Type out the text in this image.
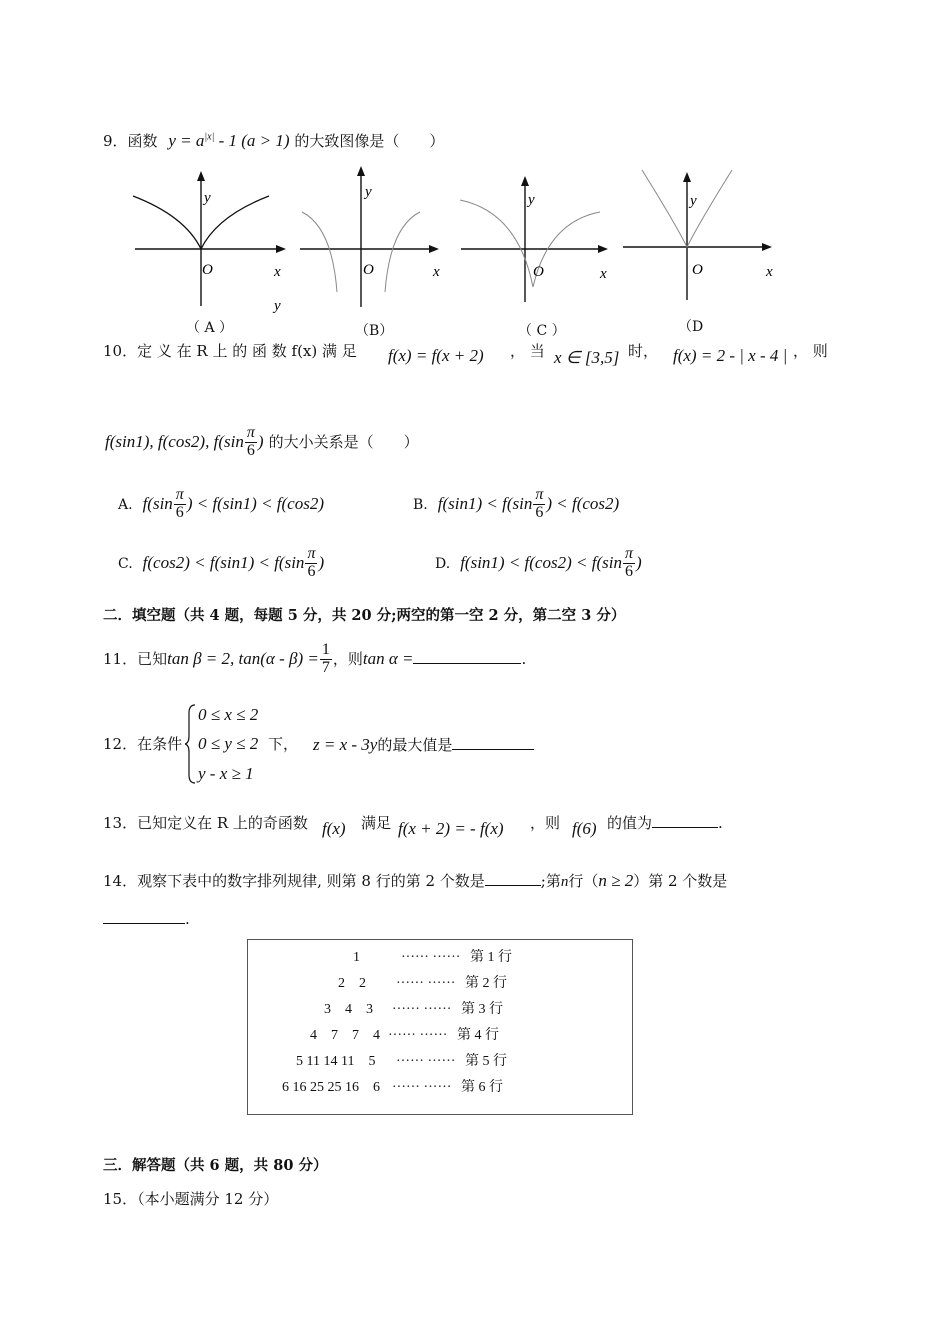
9．函数 $y = a^{|x|} - 1$ (a > 1) 的大致图像是（　　）
y
O	x
y
（ A ）
y
O	x
（B）
y
O	x
（ C ）
y
O	x
（D
10．定 义 在 R 上 的 函 数 f(x) 满 足 f(x) = f(x + 2) ， 当 x ∈ [3,5] 时， f(x) = 2 - | x - 4 | ， 则
f(sin1), f(cos2), $f(\sin \frac{\pi}{6}$ ) 的大小关系是（　　）
A. $f(\sin \frac{\pi}{6}$ ) < f(sin1) < f(cos2)	B. $f(\sin 1) < f(\sin \frac{\pi}{6}$ ) < f(cos2)
C. $f(\cos 2) < f(\sin 1) < f(\sin \frac{\pi}{6}$ )	D. $f(\sin 1) < f(\cos 2) < f(\sin \frac{\pi}{6}$ )
二．填空题（共 4 题，每题 5 分，共 20 分;两空的第一空 2 分，第二空 3 分）
11．已知tan β = 2, $\tan(\alpha - \beta) = \frac{1}{7}$ ，则tan α =	.
12．在条件
0 ≤ x ≤ 2
0 ≤ y ≤ 2
y - x ≥ 1
下， z = x - 3y的最大值是
13．已知定义在 R 上的奇函数 f(x) 满足 f(x + 2) = - f(x) ，则 f(6) 的值为	.
14．观察下表中的数字排列规律, 则第 8 行的第 2 个数是	;第n行（n ≥ 2）第 2 个数是
.
1	······ ······ 第 1 行
2　2 ······ ······ 第 2 行
3　4　3 ······ ······ 第 3 行
4　7　7　4 ······ ······ 第 4 行
5 11 14 11　5 ······ ······ 第 5 行
6 16 25 25 16　6 ······ ······ 第 6 行
三．解答题（共 6 题，共 80 分）
15．（本小题满分 12 分）
